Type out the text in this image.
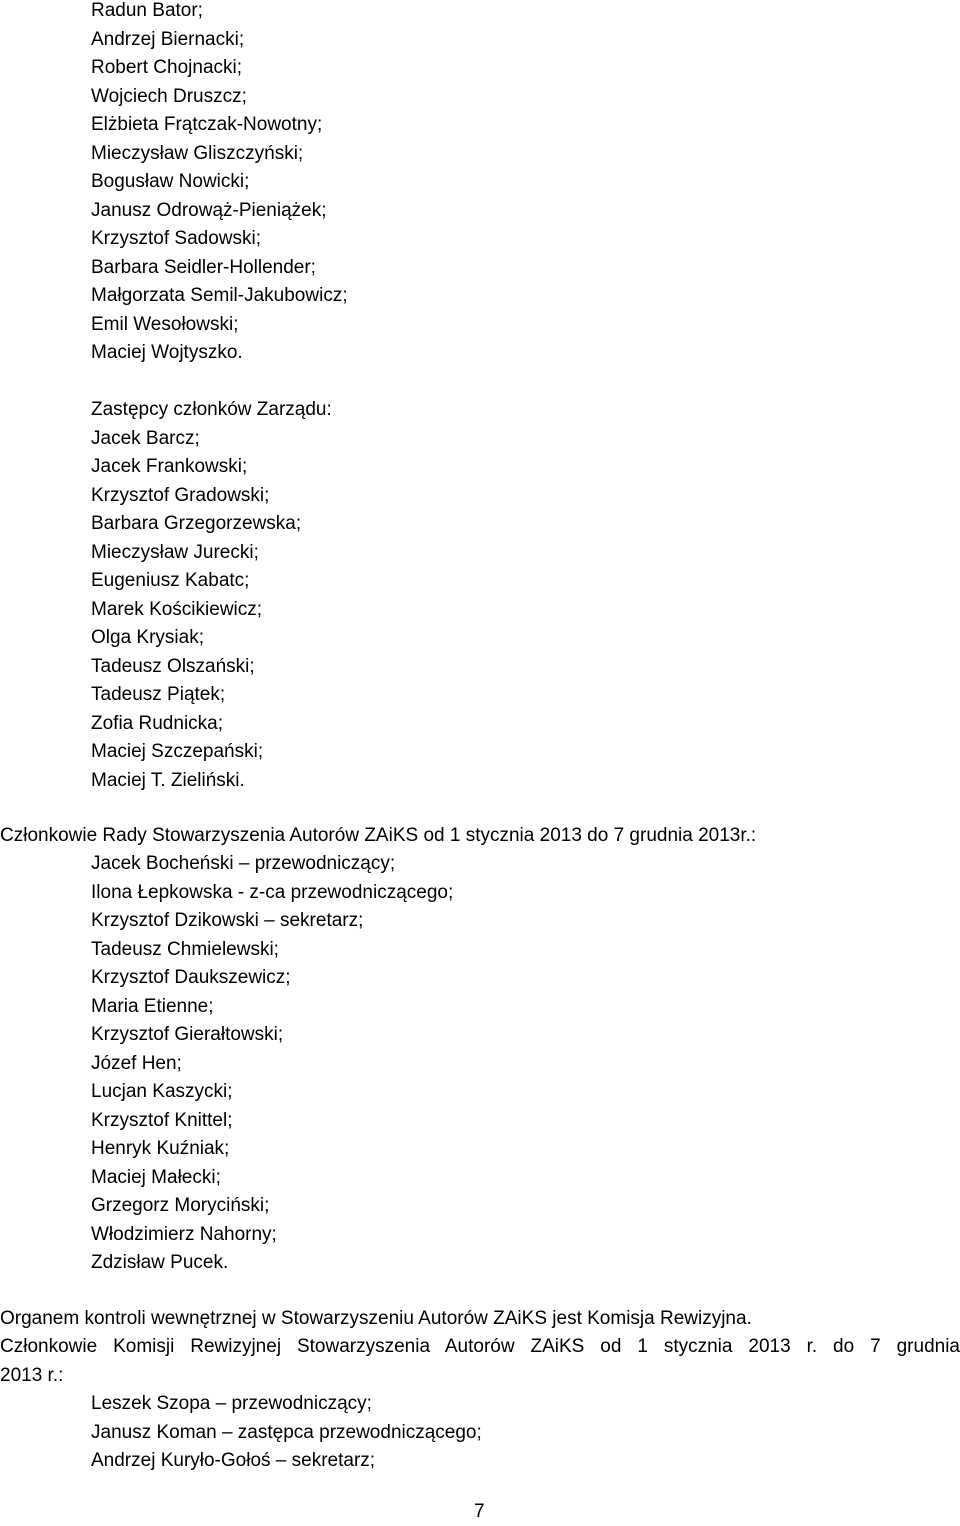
Radun Bator;
Andrzej Biernacki;
Robert Chojnacki;
Wojciech Druszcz;
Elżbieta Frątczak-Nowotny;
Mieczysław Gliszczyński;
Bogusław Nowicki;
Janusz Odrowąż-Pieniążek;
Krzysztof Sadowski;
Barbara Seidler-Hollender;
Małgorzata Semil-Jakubowicz;
Emil Wesołowski;
Maciej Wojtyszko.
Zastępcy członków Zarządu:
Jacek Barcz;
Jacek Frankowski;
Krzysztof Gradowski;
Barbara Grzegorzewska;
Mieczysław Jurecki;
Eugeniusz Kabatc;
Marek Kościkiewicz;
Olga Krysiak;
Tadeusz Olszański;
Tadeusz Piątek;
Zofia Rudnicka;
Maciej Szczepański;
Maciej T. Zieliński.
Członkowie Rady Stowarzyszenia Autorów ZAiKS od 1 stycznia 2013 do 7 grudnia 2013r.:
Jacek Bocheński – przewodniczący;
Ilona Łepkowska - z-ca przewodniczącego;
Krzysztof Dzikowski – sekretarz;
Tadeusz Chmielewski;
Krzysztof Daukszewicz;
Maria Etienne;
Krzysztof Gierałtowski;
Józef Hen;
Lucjan Kaszycki;
Krzysztof Knittel;
Henryk Kuźniak;
Maciej Małecki;
Grzegorz Moryciński;
Włodzimierz Nahorny;
Zdzisław Pucek.
Organem kontroli wewnętrznej w Stowarzyszeniu Autorów ZAiKS jest Komisja Rewizyjna.
Członkowie Komisji Rewizyjnej Stowarzyszenia Autorów ZAiKS od 1 stycznia 2013 r. do 7 grudnia
2013 r.:
Leszek Szopa – przewodniczący;
Janusz Koman – zastępca przewodniczącego;
Andrzej Kuryło-Gołoś – sekretarz;
7
